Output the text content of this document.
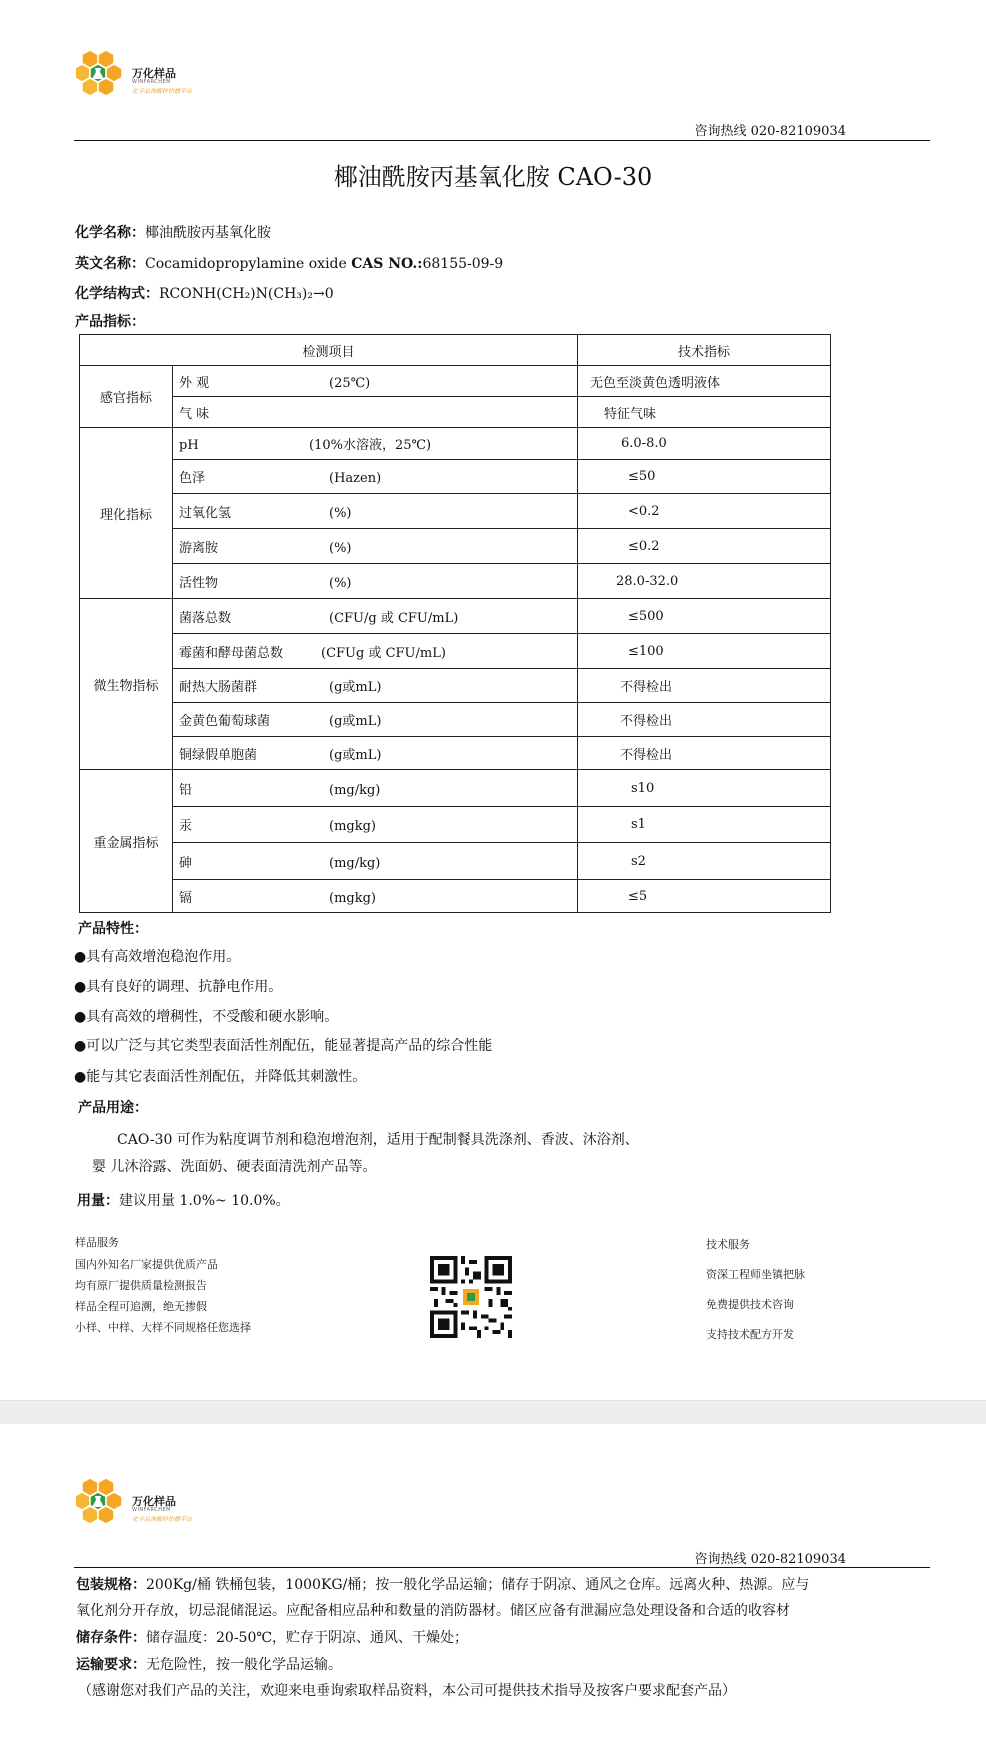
万化样品
WINFARCHEM
化学品询解样悟播平台
咨询热线 020-82109034
椰油酰胺丙基氧化胺 CAO-30
化学名称：椰油酰胺丙基氧化胺
英文名称：Cocamidopropylamine oxide CAS NO.:68155-09-9
化学结构式：RCONH(CH₂)N(CH₃)₂→0
产品指标：
检测项目		技术指标
感官指标	外 观 (25℃)	无色至淡黄色透明液体
	气 味	特征气味
理化指标	pH (10%水溶液，25℃)	6.0-8.0
	色泽 (Hazen)	≤50
	过氧化氢 (%)	<0.2
	游离胺 (%)	≤0.2
	活性物 (%)	28.0-32.0
微生物指标	菌落总数 (CFU/g 或 CFU/mL)	≤500
	霉菌和酵母菌总数 (CFUg 或 CFU/mL)	≤100
	耐热大肠菌群 (g或mL)	不得检出
	金黄色葡萄球菌 (g或mL)	不得检出
	铜绿假单胞菌 (g或mL)	不得检出
重金属指标	铅 (mg/kg)	s10
	汞 (mgkg)	s1
	砷 (mg/kg)	s2
	镉 (mgkg)	≤5
产品特性：
●具有高效增泡稳泡作用。
●具有良好的调理、抗静电作用。
●具有高效的增稠性，不受酸和硬水影响。
●可以广泛与其它类型表面活性剂配伍，能显著提高产品的综合性能
●能与其它表面活性剂配伍，并降低其刺激性。
产品用途：
CAO-30 可作为粘度调节剂和稳泡增泡剂，适用于配制餐具洗涤剂、香波、沐浴剂、
婴 儿沐浴露、洗面奶、硬表面清洗剂产品等。
用量：建议用量 1.0%~ 10.0%。
样品服务
国内外知名厂家提供优质产品
均有原厂提供质量检测报告
样品全程可追溯，绝无掺假
小样、中样、大样不同规格任您选择
技术服务
资深工程师坐镇把脉
免费提供技术咨询
支持技术配方开发
万化样品
WINFARCHEM
化学品询解样悟播平台
咨询热线 020-82109034
包装规格：200Kg/桶 铁桶包装，1000KG/桶；按一般化学品运输；储存于阴凉、通风之仓库。远离火种、热源。应与
氧化剂分开存放，切忌混储混运。应配备相应品种和数量的消防器材。储区应备有泄漏应急处理设备和合适的收容材
储存条件：储存温度：20-50℃，贮存于阴凉、通风、干燥处；
运输要求：无危险性，按一般化学品运输。
（感谢您对我们产品的关注，欢迎来电垂询索取样品资料，本公司可提供技术指导及按客户要求配套产品）
